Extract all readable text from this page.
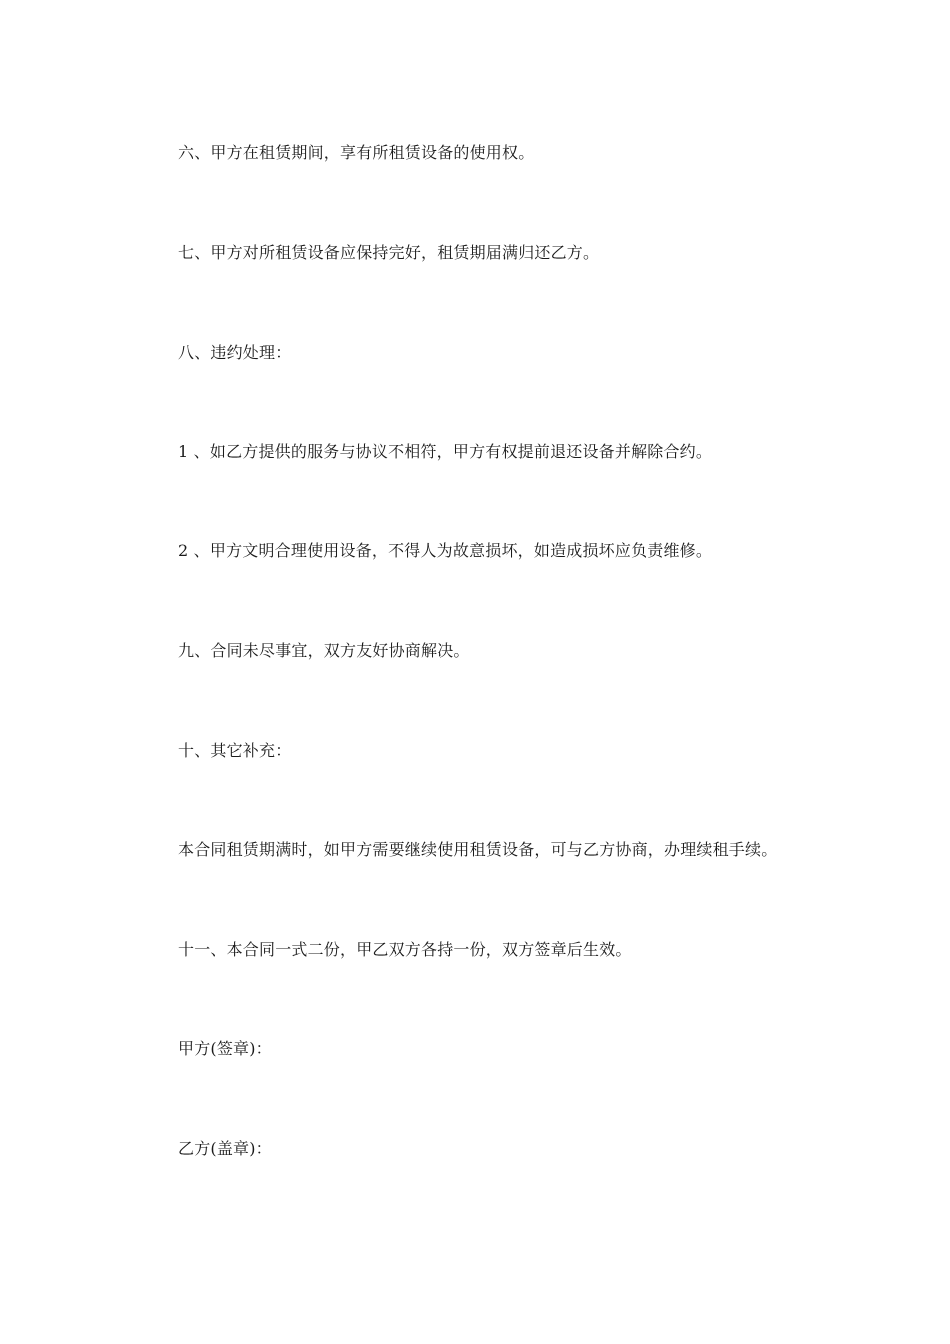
六、甲方在租赁期间，享有所租赁设备的使用权。

七、甲方对所租赁设备应保持完好，租赁期届满归还乙方。

八、违约处理：

1 、如乙方提供的服务与协议不相符，甲方有权提前退还设备并解除合约。

2 、甲方文明合理使用设备，不得人为故意损坏，如造成损坏应负责维修。

九、合同未尽事宜，双方友好协商解决。

十、其它补充：

本合同租赁期满时，如甲方需要继续使用租赁设备，可与乙方协商，办理续租手续。

十一、本合同一式二份，甲乙双方各持一份，双方签章后生效。

甲方(签章)：

乙方(盖章)：
